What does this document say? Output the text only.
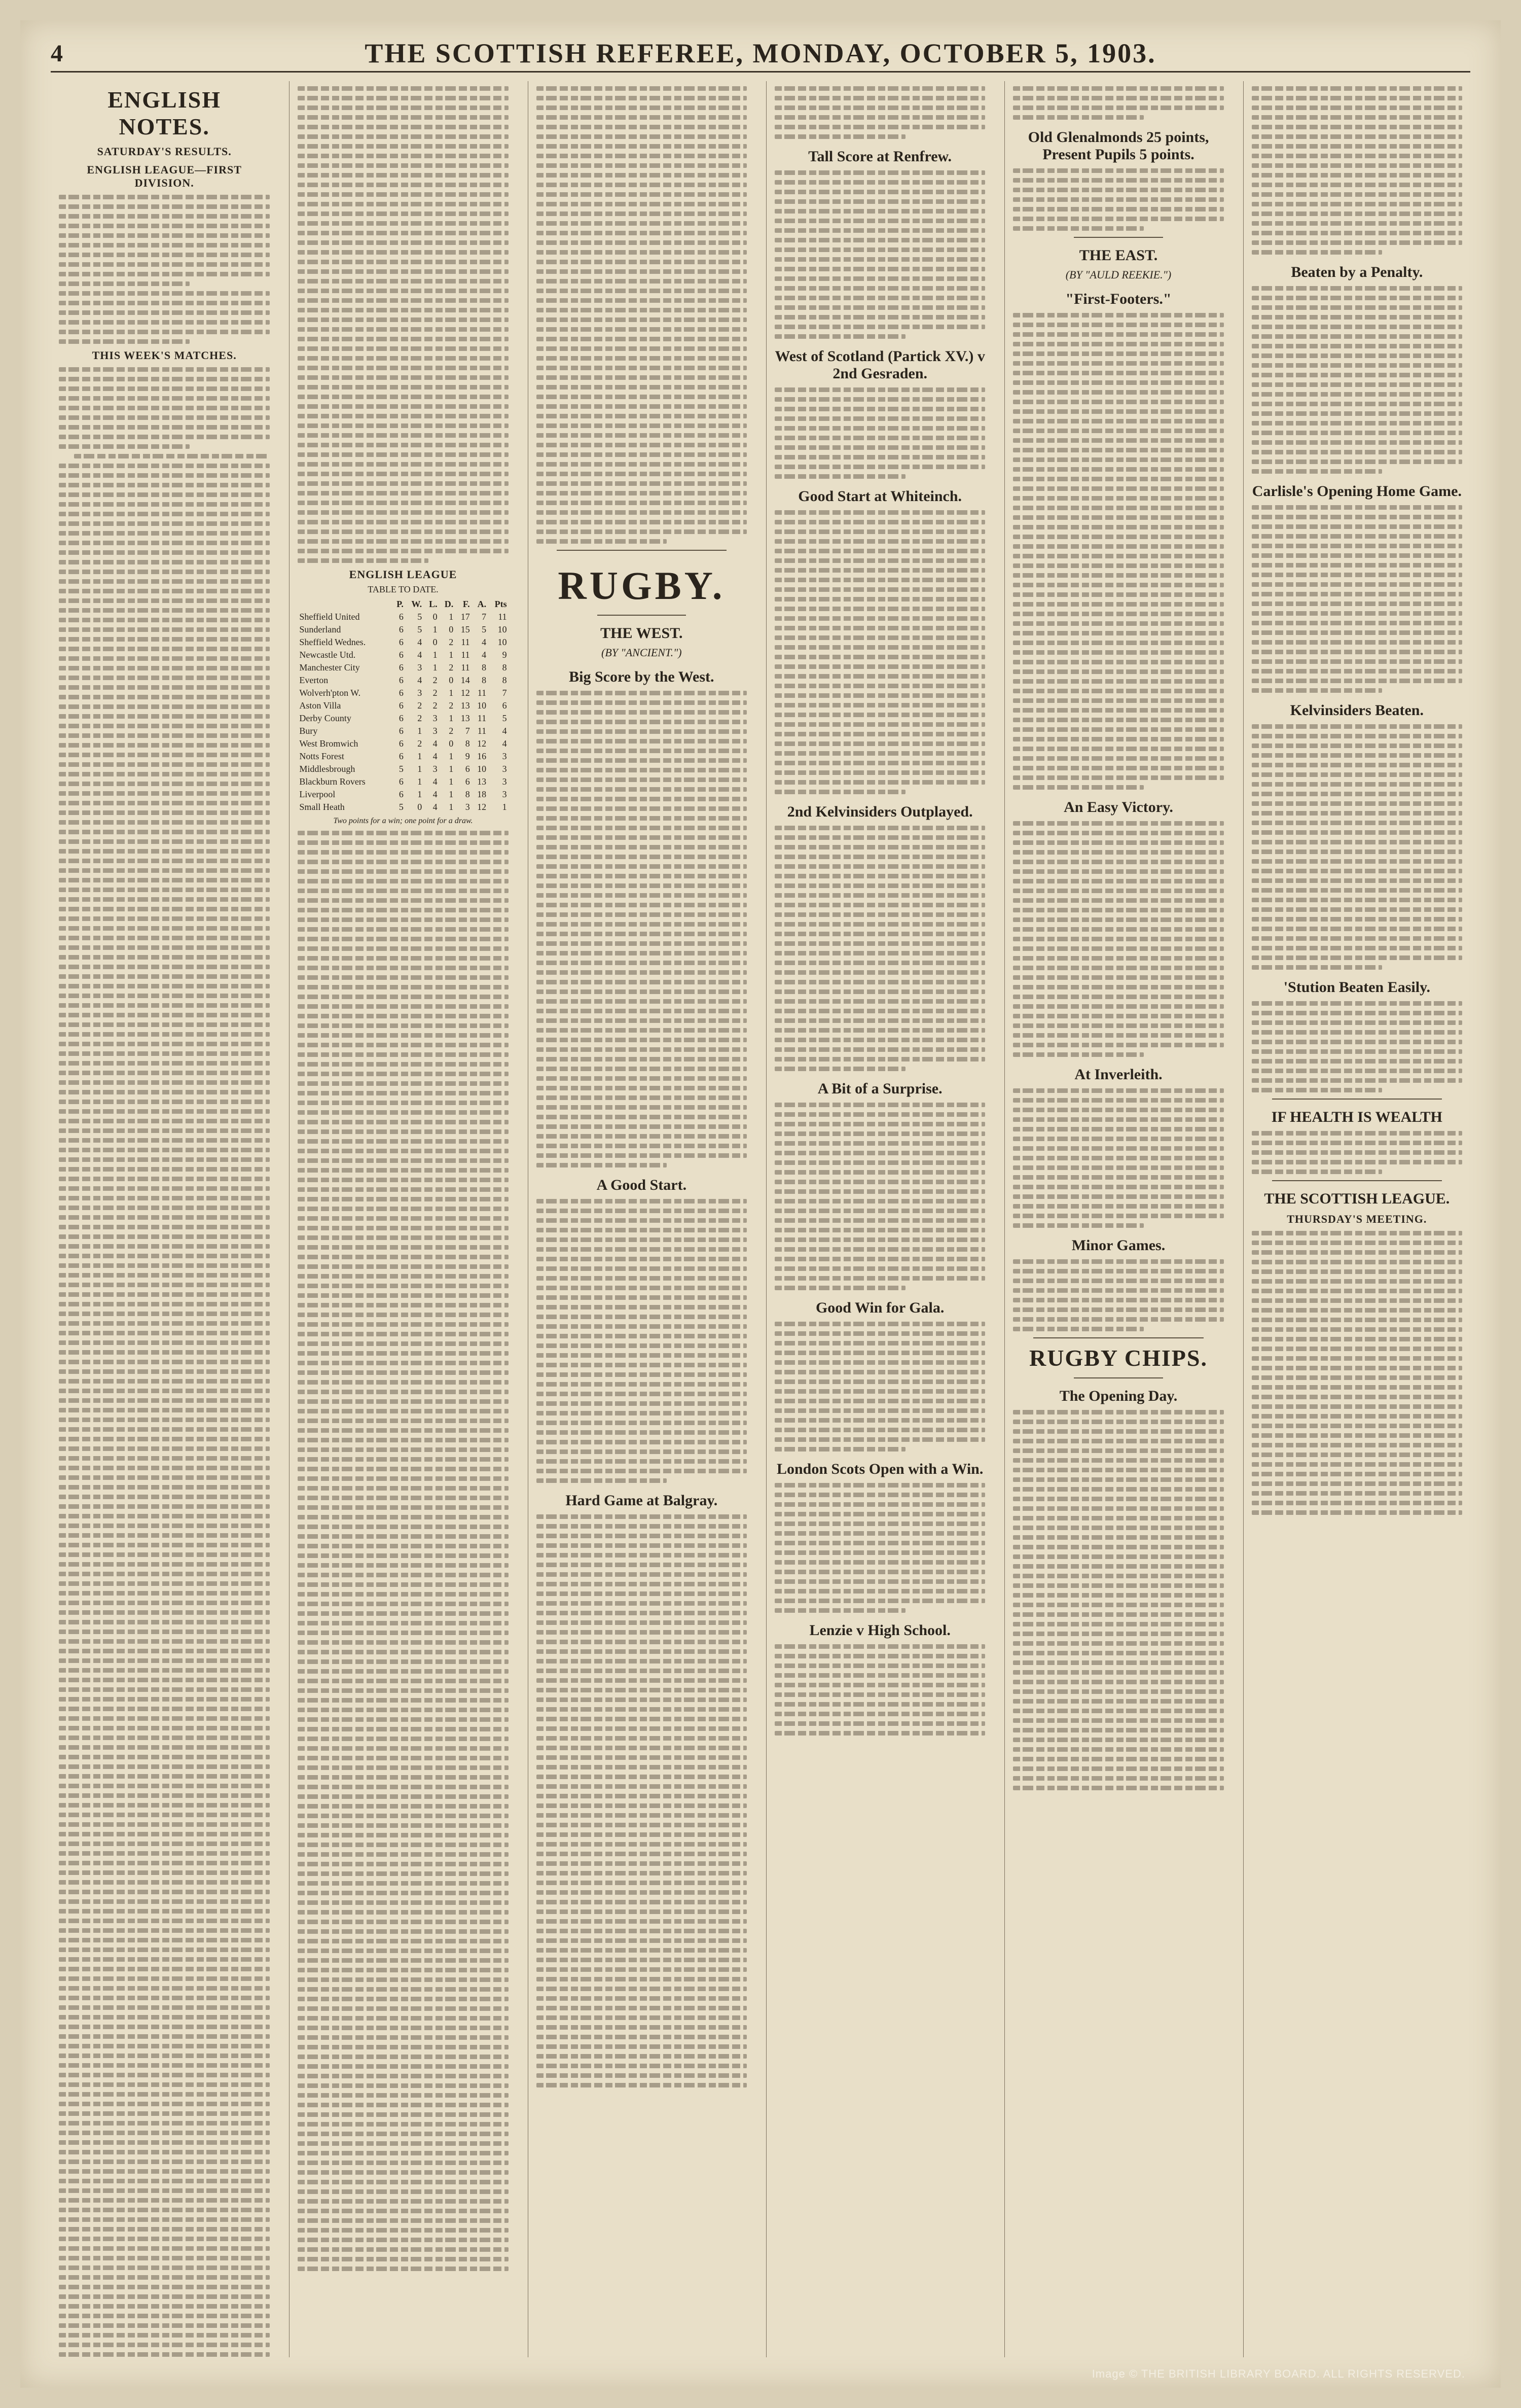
4	THE SCOTTISH REFEREE, MONDAY, OCTOBER 5, 1903.
ENGLISH NOTES.
SATURDAY'S RESULTS.
ENGLISH LEAGUE—FIRST DIVISION.
THIS WEEK'S MATCHES.
ENGLISH LEAGUE
TABLE TO DATE.
	P.	W.	L.	D.	F.	A.	Pts
Sheffield United	6	5	0	1	17	7	11
Sunderland	6	5	1	0	15	5	10
Sheffield Wednes.	6	4	0	2	11	4	10
Newcastle Utd.	6	4	1	1	11	4	9
Manchester City	6	3	1	2	11	8	8
Everton	6	4	2	0	14	8	8
Wolverh'pton W.	6	3	2	1	12	11	7
Aston Villa	6	2	2	2	13	10	6
Derby County	6	2	3	1	13	11	5
Bury	6	1	3	2	7	11	4
West Bromwich	6	2	4	0	8	12	4
Notts Forest	6	1	4	1	9	16	3
Middlesbrough	5	1	3	1	6	10	3
Blackburn Rovers	6	1	4	1	6	13	3
Liverpool	6	1	4	1	8	18	3
Small Heath	5	0	4	1	3	12	1
Two points for a win; one point for a draw.
RUGBY.
THE WEST.
(BY "ANCIENT.")
Big Score by the West.
A Good Start.
Hard Game at Balgray.
Tall Score at Renfrew.
West of Scotland (Partick XV.) v 2nd Gesraden.
Good Start at Whiteinch.
2nd Kelvinsiders Outplayed.
A Bit of a Surprise.
Good Win for Gala.
London Scots Open with a Win.
Lenzie v High School.
Old Glenalmonds 25 points, Present Pupils 5 points.
THE EAST.
(BY "AULD REEKIE.")
"First-Footers."
An Easy Victory.
At Inverleith.
Minor Games.
RUGBY CHIPS.
The Opening Day.
Beaten by a Penalty.
Carlisle's Opening Home Game.
Kelvinsiders Beaten.
'Stution Beaten Easily.
IF HEALTH IS WEALTH
THE SCOTTISH LEAGUE.
THURSDAY'S MEETING.
Image © THE BRITISH LIBRARY BOARD. ALL RIGHTS RESERVED.
